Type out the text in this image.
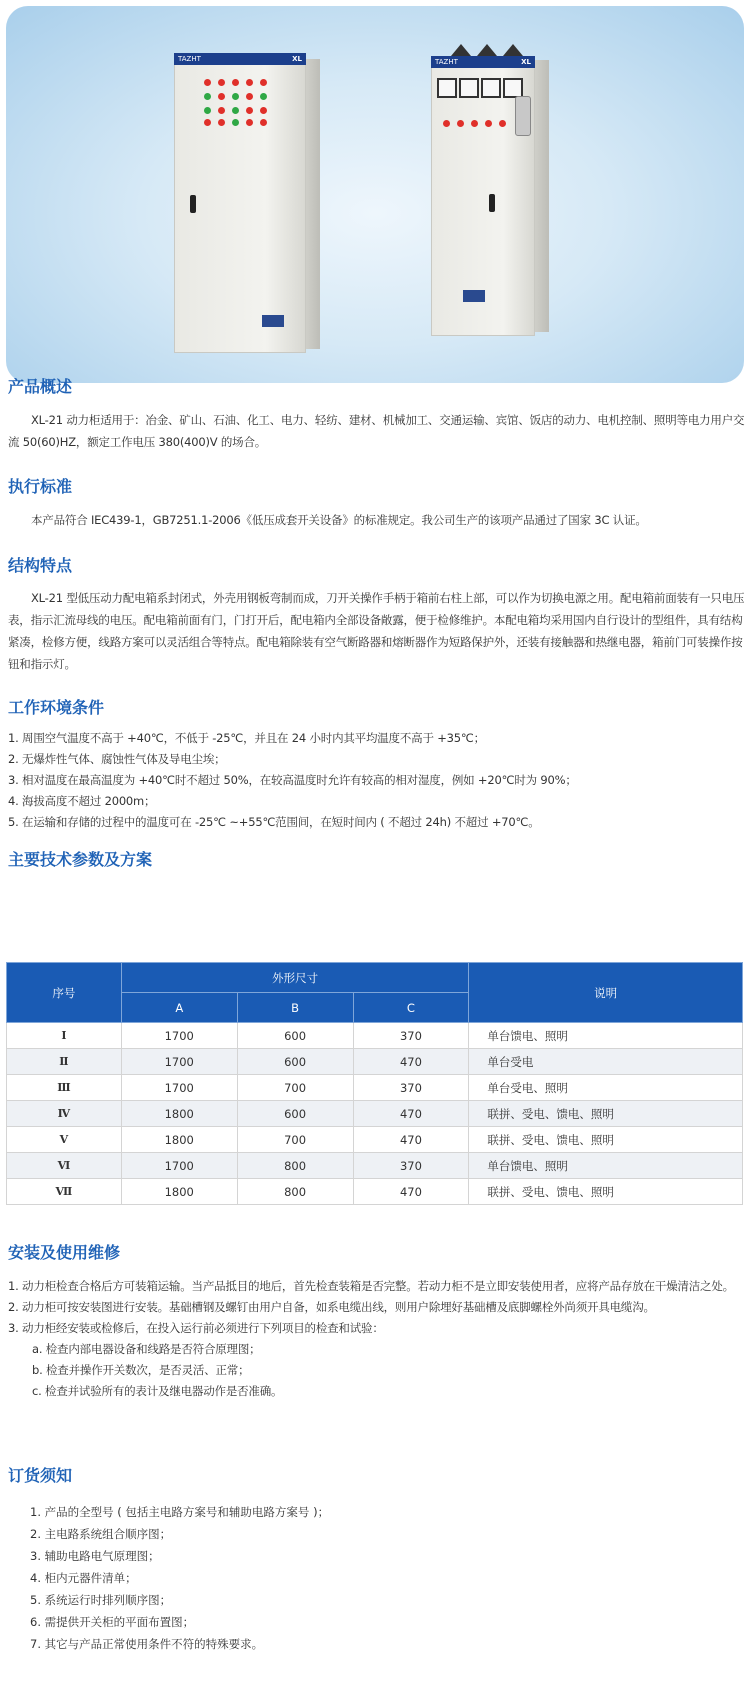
TAZHT	XL	TAZHT	XL
产品概述
XL-21 动力柜适用于：冶金、矿山、石油、化工、电力、轻纺、建材、机械加工、交通运输、宾馆、饭店的动力、电机控制、照明等电力用户交流 50(60)HZ，额定工作电压 380(400)V 的场合。
执行标准
本产品符合 IEC439-1，GB7251.1-2006《低压成套开关设备》的标准规定。我公司生产的该项产品通过了国家 3C 认证。
结构特点
XL-21 型低压动力配电箱系封闭式，外壳用钢板弯制而成，刀开关操作手柄于箱前右柱上部，可以作为切换电源之用。配电箱前面装有一只电压表，指示汇流母线的电压。配电箱前面有门，门打开后，配电箱内全部设备敞露，便于检修维护。本配电箱均采用国内自行设计的型组件，具有结构紧凑，检修方便，线路方案可以灵活组合等特点。配电箱除装有空气断路器和熔断器作为短路保护外，还装有接触器和热继电器，箱前门可装操作按钮和指示灯。
工作环境条件
1. 周围空气温度不高于 +40℃，不低于 -25℃，并且在 24 小时内其平均温度不高于 +35℃；
2. 无爆炸性气体、腐蚀性气体及导电尘埃；
3. 相对温度在最高温度为 +40℃时不超过 50%，在较高温度时允许有较高的相对湿度，例如 +20℃时为 90%；
4. 海拔高度不超过 2000m；
5. 在运输和存储的过程中的温度可在 -25℃ ~+55℃范围间，在短时间内 ( 不超过 24h) 不超过 +70℃。
主要技术参数及方案
序号	外形尺寸			说明
	A	B	C	
Ⅰ	1700	600	370	单台馈电、照明
Ⅱ	1700	600	470	单台受电
Ⅲ	1700	700	370	单台受电、照明
Ⅳ	1800	600	470	联拼、受电、馈电、照明
Ⅴ	1800	700	470	联拼、受电、馈电、照明
Ⅵ	1700	800	370	单台馈电、照明
Ⅶ	1800	800	470	联拼、受电、馈电、照明
安装及使用维修
1. 动力柜检查合格后方可装箱运输。当产品抵目的地后，首先检查装箱是否完整。若动力柜不是立即安装使用者，应将产品存放在干燥清洁之处。
2. 动力柜可按安装图进行安装。基础槽钢及螺钉由用户自备，如系电缆出线，则用户除埋好基础槽及底脚螺栓外尚须开具电缆沟。
3. 动力柜经安装或检修后，在投入运行前必须进行下列项目的检查和试验：
a. 检查内部电器设备和线路是否符合原理图；
b. 检查并操作开关数次，是否灵活、正常；
c. 检查并试验所有的表计及继电器动作是否准确。
订货须知
1. 产品的全型号 ( 包括主电路方案号和辅助电路方案号 )；
2. 主电路系统组合顺序图；
3. 辅助电路电气原理图；
4. 柜内元器件清单；
5. 系统运行时排列顺序图；
6. 需提供开关柜的平面布置图；
7. 其它与产品正常使用条件不符的特殊要求。
